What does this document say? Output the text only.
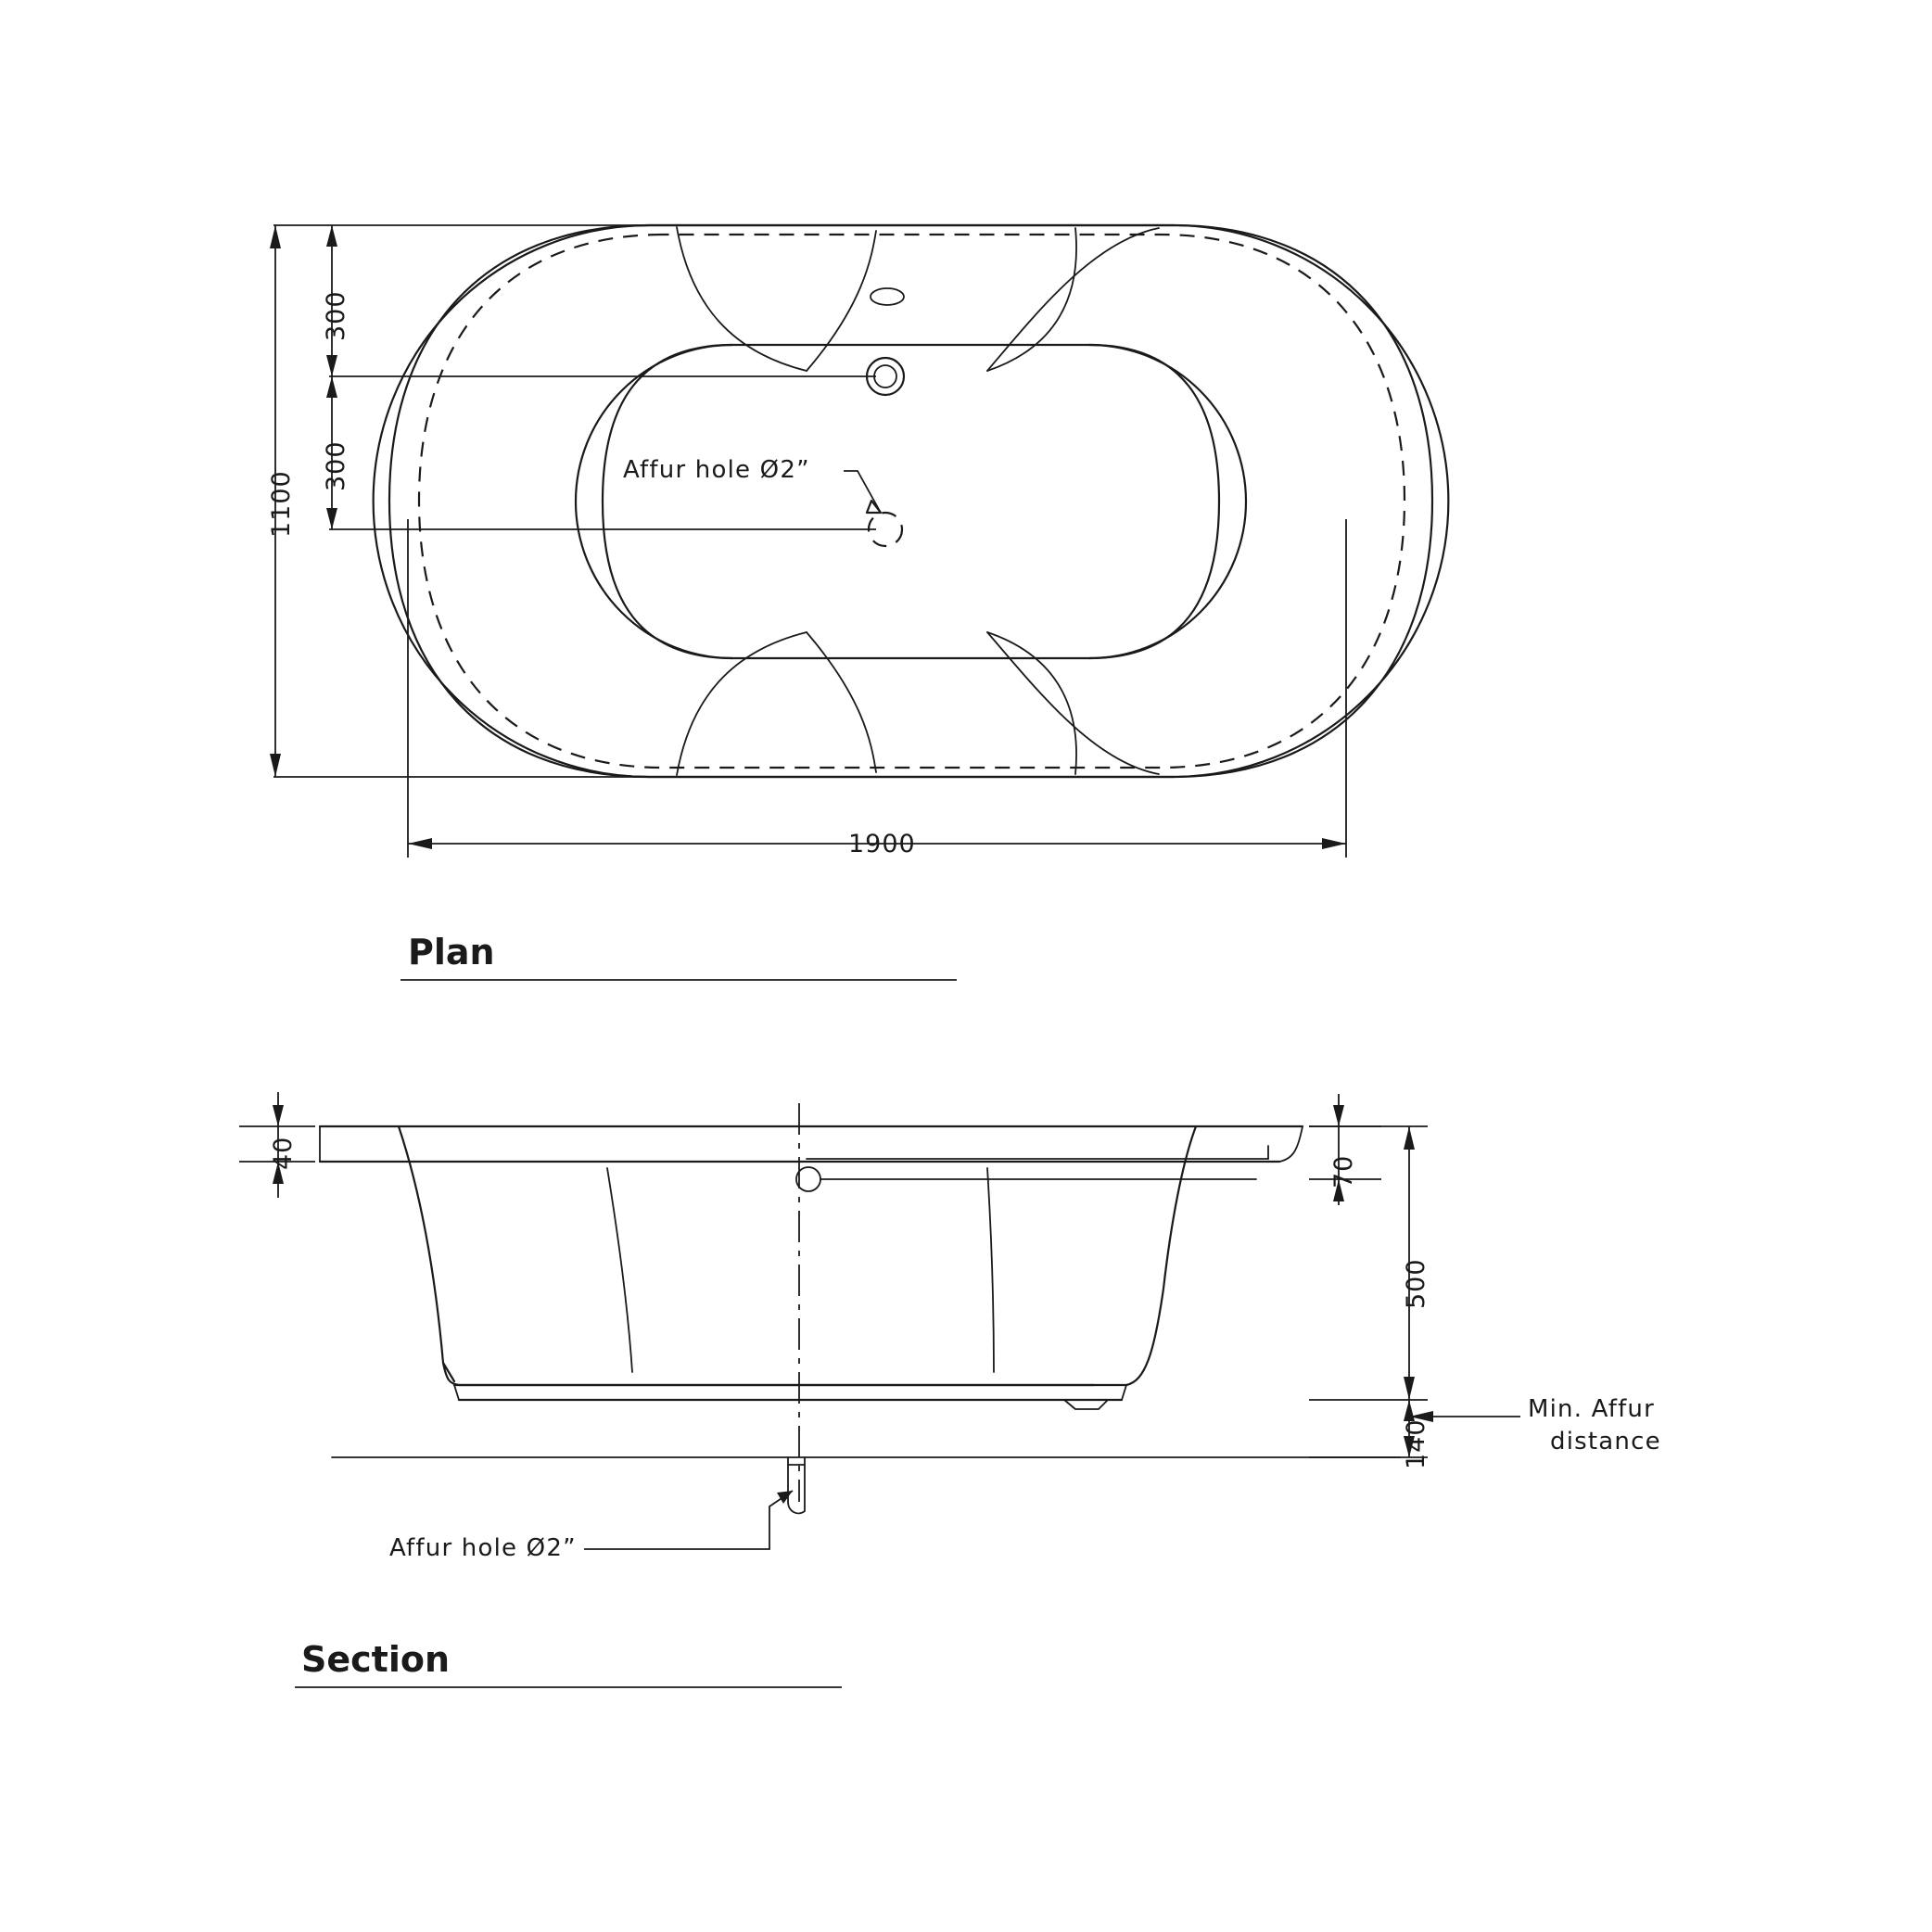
300
300
1100
1900
Affur hole Ø2”
Plan
40
70
500
140
Affur hole Ø2”
Min. Affur
distance
Section
